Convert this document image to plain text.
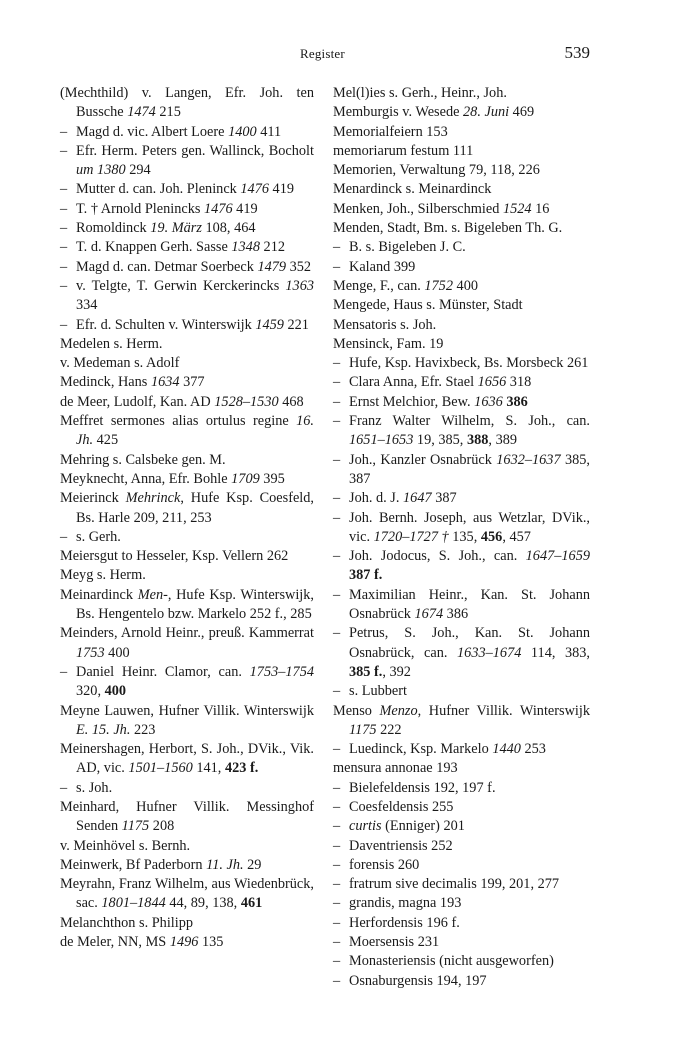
Register	539
(Mechthild) v. Langen, Efr. Joh. ten Bussche 1474 215
– Magd d. vic. Albert Loere 1400 411
– Efr. Herm. Peters gen. Wallinck, Bocholt um 1380 294
– Mutter d. can. Joh. Pleninck 1476 419
– T. † Arnold Plenincks 1476 419
– Romoldinck 19. März 108, 464
– T. d. Knappen Gerh. Sasse 1348 212
– Magd d. can. Detmar Soerbeck 1479 352
– v. Telgte, T. Gerwin Kerckerincks 1363 334
– Efr. d. Schulten v. Winterswijk 1459 221
Medelen s. Herm.
v. Medeman s. Adolf
Medinck, Hans 1634 377
de Meer, Ludolf, Kan. AD 1528–1530 468
Meffret sermones alias ortulus regine 16. Jh. 425
Mehring s. Calsbeke gen. M.
Meyknecht, Anna, Efr. Bohle 1709 395
Meierinck Mehrinck, Hufe Ksp. Coesfeld, Bs. Harle 209, 211, 253
– s. Gerh.
Meiersgut to Hesseler, Ksp. Vellern 262
Meyg s. Herm.
Meinardinck Men-, Hufe Ksp. Winterswijk, Bs. Hengentelo bzw. Markelo 252 f., 285
Meinders, Arnold Heinr., preuß. Kammerrat 1753 400
– Daniel Heinr. Clamor, can. 1753–1754 320, 400
Meyne Lauwen, Hufner Villik. Winterswijk E. 15. Jh. 223
Meinershagen, Herbort, S. Joh., DVik., Vik. AD, vic. 1501–1560 141, 423 f.
– s. Joh.
Meinhard, Hufner Villik. Messinghof Senden 1175 208
v. Meinhövel s. Bernh.
Meinwerk, Bf Paderborn 11. Jh. 29
Meyrahn, Franz Wilhelm, aus Wiedenbrück, sac. 1801–1844 44, 89, 138, 461
Melanchthon s. Philipp
de Meler, NN, MS 1496 135
Mel(l)ies s. Gerh., Heinr., Joh.
Memburgis v. Wesede 28. Juni 469
Memorialfeiern 153
memoriarum festum 111
Memorien, Verwaltung 79, 118, 226
Menardinck s. Meinardinck
Menken, Joh., Silberschmied 1524 16
Menden, Stadt, Bm. s. Bigeleben Th. G.
– B. s. Bigeleben J. C.
– Kaland 399
Menge, F., can. 1752 400
Mengede, Haus s. Münster, Stadt
Mensatoris s. Joh.
Mensinck, Fam. 19
– Hufe, Ksp. Havixbeck, Bs. Morsbeck 261
– Clara Anna, Efr. Stael 1656 318
– Ernst Melchior, Bew. 1636 386
– Franz Walter Wilhelm, S. Joh., can. 1651–1653 19, 385, 388, 389
– Joh., Kanzler Osnabrück 1632–1637 385, 387
– Joh. d. J. 1647 387
– Joh. Bernh. Joseph, aus Wetzlar, DVik., vic. 1720–1727 † 135, 456, 457
– Joh. Jodocus, S. Joh., can. 1647–1659 387 f.
– Maximilian Heinr., Kan. St. Johann Osnabrück 1674 386
– Petrus, S. Joh., Kan. St. Johann Osnabrück, can. 1633–1674 114, 383, 385 f., 392
– s. Lubbert
Menso Menzo, Hufner Villik. Winterswijk 1175 222
– Luedinck, Ksp. Markelo 1440 253
mensura annonae 193
– Bielefeldensis 192, 197 f.
– Coesfeldensis 255
– curtis (Enniger) 201
– Daventriensis 252
– forensis 260
– fratrum sive decimalis 199, 201, 277
– grandis, magna 193
– Herfordensis 196 f.
– Moersensis 231
– Monasteriensis (nicht ausgeworfen)
– Osnaburgensis 194, 197
